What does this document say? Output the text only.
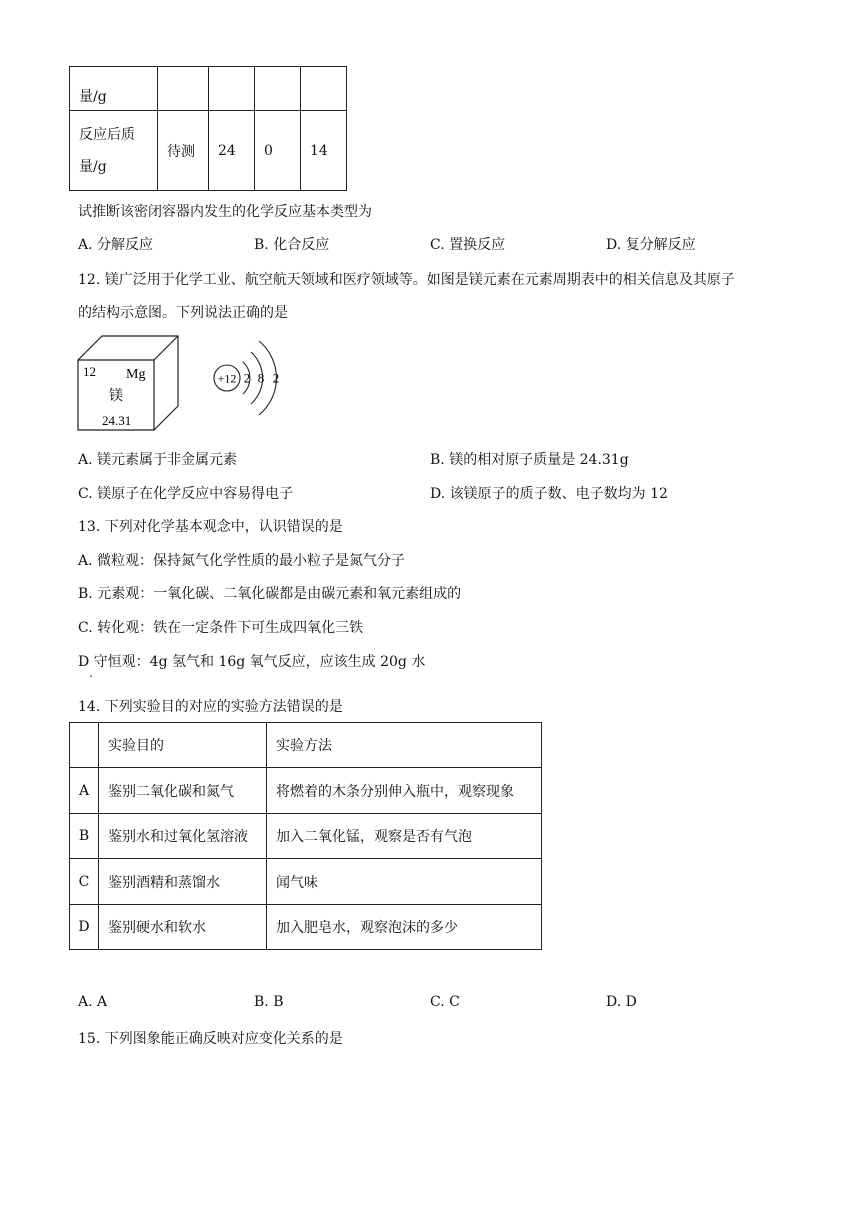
量/g				

反应后质
量/g	待测	24	0	14
试推断该密闭容器内发生的化学反应基本类型为
A. 分解反应	B. 化合反应	C. 置换反应	D. 复分解反应
12. 镁广泛用于化学工业、航空航天领域和医疗领域等。如图是镁元素在元素周期表中的相关信息及其原子
的结构示意图。下列说法正确的是
12 Mg
镁
24.31
+12 2 8 2
A. 镁元素属于非金属元素	B. 镁的相对原子质量是 24.31g
C. 镁原子在化学反应中容易得电子	D. 该镁原子的质子数、电子数均为 12
13. 下列对化学基本观念中，认识错误的是
A. 微粒观：保持氮气化学性质的最小粒子是氮气分子
B. 元素观：一氧化碳、二氧化碳都是由碳元素和氧元素组成的
C. 转化观：铁在一定条件下可生成四氧化三铁
D 守恒观：4g 氢气和 16g 氧气反应，应该生成 20g 水
.
14. 下列实验目的对应的实验方法错误的是
	实验目的	实验方法
A	鉴别二氧化碳和氮气	将燃着的木条分别伸入瓶中，观察现象
B	鉴别水和过氧化氢溶液	加入二氧化锰，观察是否有气泡
C	鉴别酒精和蒸馏水	闻气味
D	鉴别硬水和软水	加入肥皂水，观察泡沫的多少
A. A	B. B	C. C	D. D
15. 下列图象能正确反映对应变化关系的是
